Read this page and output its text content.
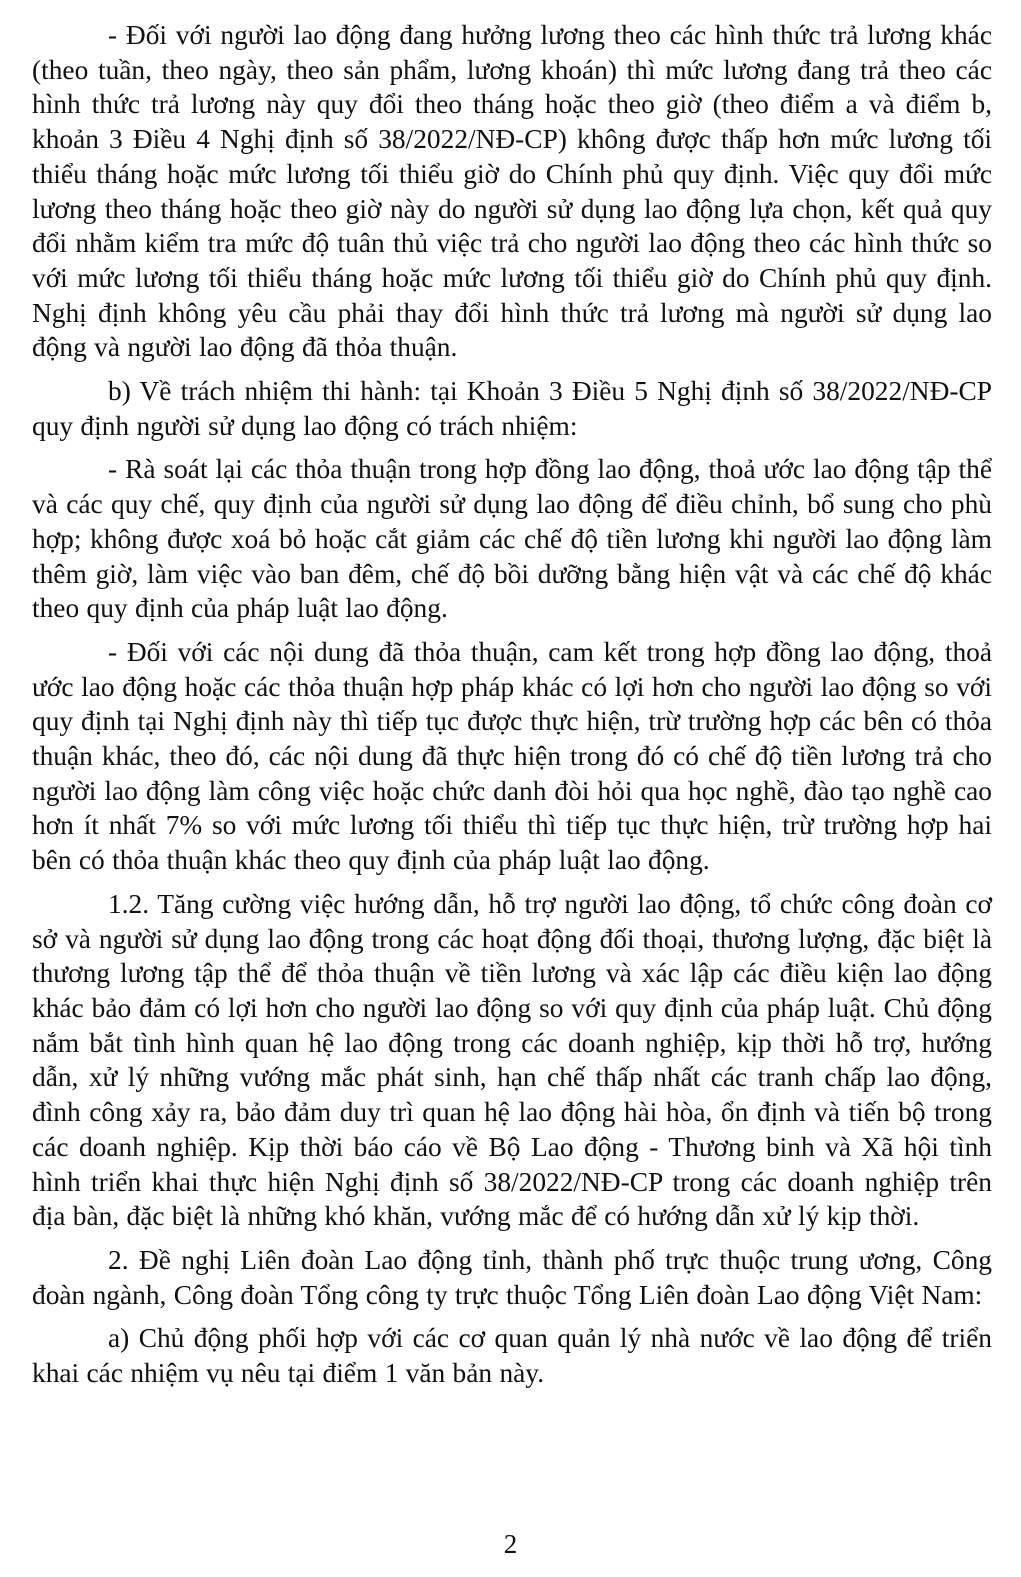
- Đối với người lao động đang hưởng lương theo các hình thức trả lương khác (theo tuần, theo ngày, theo sản phẩm, lương khoán) thì mức lương đang trả theo các hình thức trả lương này quy đổi theo tháng hoặc theo giờ (theo điểm a và điểm b, khoản 3 Điều 4 Nghị định số 38/2022/NĐ-CP) không được thấp hơn mức lương tối thiểu tháng hoặc mức lương tối thiểu giờ do Chính phủ quy định. Việc quy đổi mức lương theo tháng hoặc theo giờ này do người sử dụng lao động lựa chọn, kết quả quy đổi nhằm kiểm tra mức độ tuân thủ việc trả cho người lao động theo các hình thức so với mức lương tối thiểu tháng hoặc mức lương tối thiểu giờ do Chính phủ quy định. Nghị định không yêu cầu phải thay đổi hình thức trả lương mà người sử dụng lao động và người lao động đã thỏa thuận.

b) Về trách nhiệm thi hành: tại Khoản 3 Điều 5 Nghị định số 38/2022/NĐ-CP quy định người sử dụng lao động có trách nhiệm:

- Rà soát lại các thỏa thuận trong hợp đồng lao động, thoả ước lao động tập thể và các quy chế, quy định của người sử dụng lao động để điều chỉnh, bổ sung cho phù hợp; không được xoá bỏ hoặc cắt giảm các chế độ tiền lương khi người lao động làm thêm giờ, làm việc vào ban đêm, chế độ bồi dưỡng bằng hiện vật và các chế độ khác theo quy định của pháp luật lao động.

- Đối với các nội dung đã thỏa thuận, cam kết trong hợp đồng lao động, thoả ước lao động hoặc các thỏa thuận hợp pháp khác có lợi hơn cho người lao động so với quy định tại Nghị định này thì tiếp tục được thực hiện, trừ trường hợp các bên có thỏa thuận khác, theo đó, các nội dung đã thực hiện trong đó có chế độ tiền lương trả cho người lao động làm công việc hoặc chức danh đòi hỏi qua học nghề, đào tạo nghề cao hơn ít nhất 7% so với mức lương tối thiểu thì tiếp tục thực hiện, trừ trường hợp hai bên có thỏa thuận khác theo quy định của pháp luật lao động.

1.2. Tăng cường việc hướng dẫn, hỗ trợ người lao động, tổ chức công đoàn cơ sở và người sử dụng lao động trong các hoạt động đối thoại, thương lượng, đặc biệt là thương lương tập thể để thỏa thuận về tiền lương và xác lập các điều kiện lao động khác bảo đảm có lợi hơn cho người lao động so với quy định của pháp luật. Chủ động nắm bắt tình hình quan hệ lao động trong các doanh nghiệp, kịp thời hỗ trợ, hướng dẫn, xử lý những vướng mắc phát sinh, hạn chế thấp nhất các tranh chấp lao động, đình công xảy ra, bảo đảm duy trì quan hệ lao động hài hòa, ổn định và tiến bộ trong các doanh nghiệp. Kịp thời báo cáo về Bộ Lao động - Thương binh và Xã hội tình hình triển khai thực hiện Nghị định số 38/2022/NĐ-CP trong các doanh nghiệp trên địa bàn, đặc biệt là những khó khăn, vướng mắc để có hướng dẫn xử lý kịp thời.

2. Đề nghị Liên đoàn Lao động tỉnh, thành phố trực thuộc trung ương, Công đoàn ngành, Công đoàn Tổng công ty trực thuộc Tổng Liên đoàn Lao động Việt Nam:

a) Chủ động phối hợp với các cơ quan quản lý nhà nước về lao động để triển khai các nhiệm vụ nêu tại điểm 1 văn bản này.

2
